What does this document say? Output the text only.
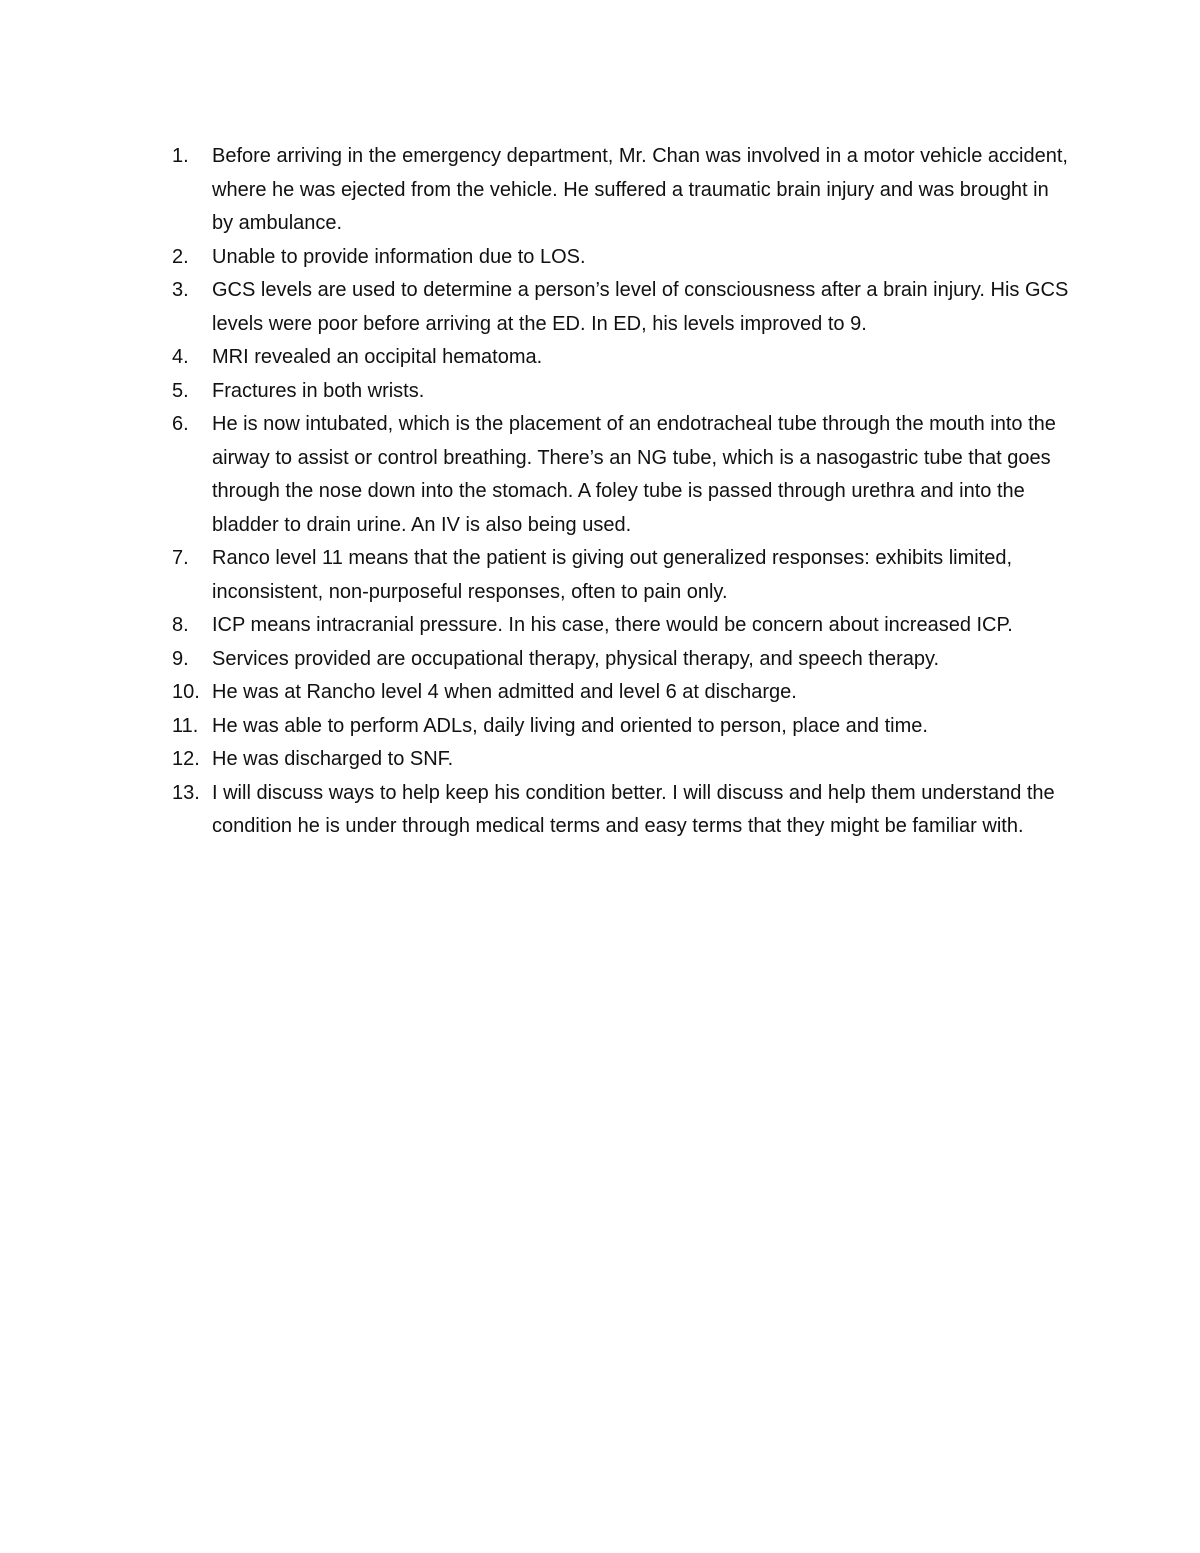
1.	Before arriving in the emergency department, Mr. Chan was involved in a motor vehicle accident, where he was ejected from the vehicle. He suffered a traumatic brain injury and was brought in by ambulance.
2.	Unable to provide information due to LOS.
3.	GCS levels are used to determine a person’s level of consciousness after a brain injury. His GCS levels were poor before arriving at the ED. In ED, his levels improved to 9.
4.	MRI revealed an occipital hematoma.
5.	Fractures in both wrists.
6.	He is now intubated, which is the placement of an endotracheal tube through the mouth into the airway to assist or control breathing. There’s an NG tube, which is a nasogastric tube that goes through the nose down into the stomach. A foley tube is passed through urethra and into the bladder to drain urine. An IV is also being used.
7.	Ranco level 11 means that the patient is giving out generalized responses: exhibits limited, inconsistent, non-purposeful responses, often to pain only.
8.	ICP means intracranial pressure. In his case, there would be concern about increased ICP.
9.	Services provided are occupational therapy, physical therapy, and speech therapy.
10. He was at Rancho level 4 when admitted and level 6 at discharge.
11. He was able to perform ADLs, daily living and oriented to person, place and time.
12. He was discharged to SNF.
13. I will discuss ways to help keep his condition better. I will discuss and help them understand the condition he is under through medical terms and easy terms that they might be familiar with.
